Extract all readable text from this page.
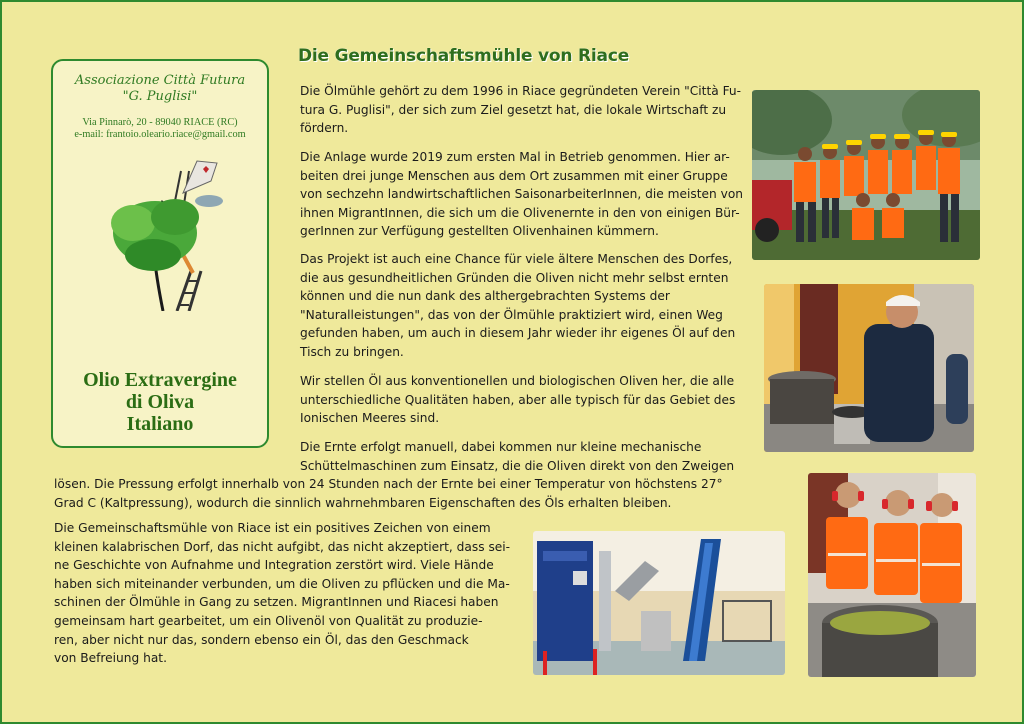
Die Gemeinschaftsmühle von Riace
Associazione Città Futura
"G. Puglisi"
Via Pinnarò, 20 - 89040 RIACE (RC)
e-mail: frantoio.oleario.riace@gmail.com
Olio Extravergine
di Oliva
Italiano

Die Ölmühle gehört zu dem 1996 in Riace gegründeten Verein "Città Fu-
tura G. Puglisi", der sich zum Ziel gesetzt hat, die lokale Wirtschaft zu
fördern.

Die Anlage wurde 2019 zum ersten Mal in Betrieb genommen. Hier ar-
beiten drei junge Menschen aus dem Ort zusammen mit einer Gruppe
von sechzehn landwirtschaftlichen SaisonarbeiterInnen, die meisten von
ihnen MigrantInnen, die sich um die Olivenernte in den von einigen Bür-
gerInnen zur Verfügung gestellten Olivenhainen kümmern.

Das Projekt ist auch eine Chance für viele ältere Menschen des Dorfes,
die aus gesundheitlichen Gründen die Oliven nicht mehr selbst ernten
können und die nun dank des althergebrachten Systems der
"Naturalleistungen", das von der Ölmühle praktiziert wird, einen Weg
gefunden haben, um auch in diesem Jahr wieder ihr eigenes Öl auf den
Tisch zu bringen.

Wir stellen Öl aus konventionellen und biologischen Oliven her, die alle
unterschiedliche Qualitäten haben, aber alle typisch für das Gebiet des
Ionischen Meeres sind.

Die Ernte erfolgt manuell, dabei kommen nur kleine mechanische
Schüttelmaschinen zum Einsatz, die die Oliven direkt von den Zweigen

lösen. Die Pressung erfolgt innerhalb von 24 Stunden nach der Ernte bei einer Temperatur von höchstens 27°
Grad C (Kaltpressung), wodurch die sinnlich wahrnehmbaren Eigenschaften des Öls erhalten bleiben.

Die Gemeinschaftsmühle von Riace ist ein positives Zeichen von einem
kleinen kalabrischen Dorf, das nicht aufgibt, das nicht akzeptiert, dass sei-
ne Geschichte von Aufnahme und Integration zerstört wird. Viele Hände
haben sich miteinander verbunden, um die Oliven zu pflücken und die Ma-
schinen der Ölmühle in Gang zu setzen. MigrantInnen und Riacesi haben
gemeinsam hart gearbeitet, um ein Olivenöl von Qualität zu produzie-
ren, aber nicht nur das, sondern ebenso ein Öl, das den Geschmack
von Befreiung hat.
